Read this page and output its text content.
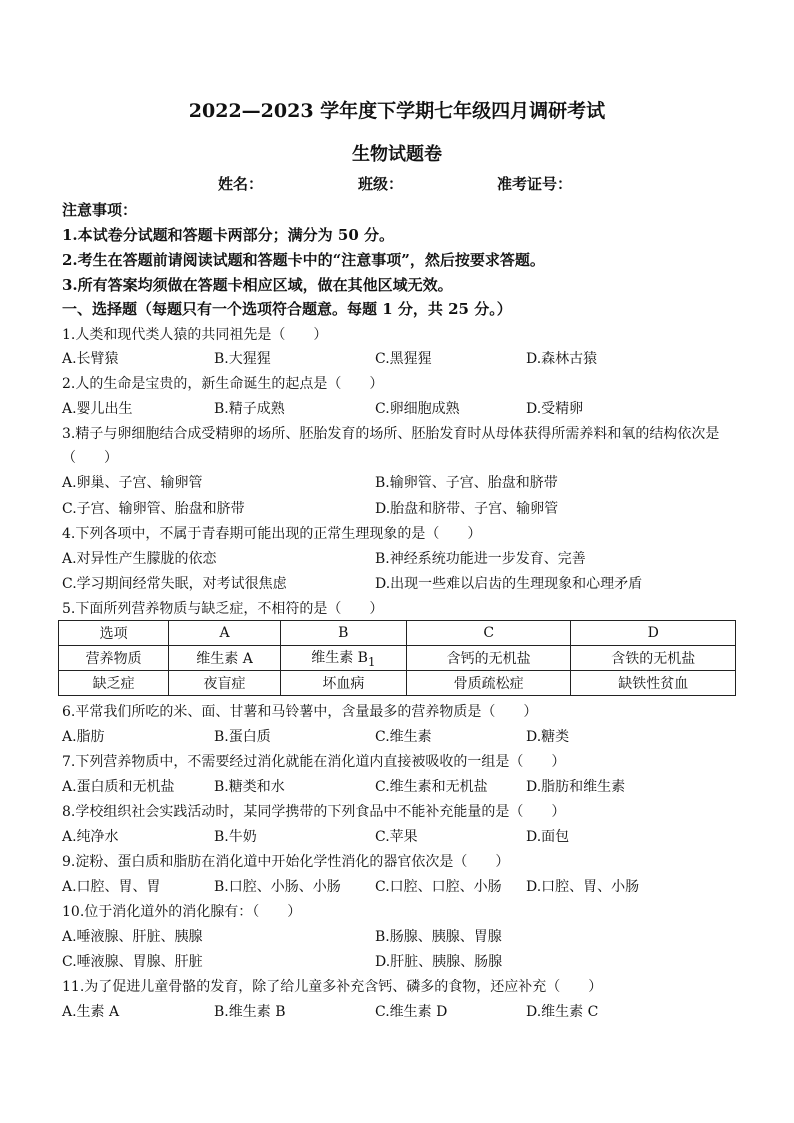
2022—2023 学年度下学期七年级四月调研考试
生物试题卷
姓名：	班级：	准考证号：
注意事项：
1.本试卷分试题和答题卡两部分；满分为 50 分。
2.考生在答题前请阅读试题和答题卡中的“注意事项”，然后按要求答题。
3.所有答案均须做在答题卡相应区域，做在其他区域无效。
一、选择题（每题只有一个选项符合题意。每题 1 分，共 25 分。）
1.人类和现代类人猿的共同祖先是（　　）
A.长臂猿	B.大猩猩	C.黑猩猩	D.森林古猿
2.人的生命是宝贵的，新生命诞生的起点是（　　）
A.婴儿出生	B.精子成熟	C.卵细胞成熟	D.受精卵
3.精子与卵细胞结合成受精卵的场所、胚胎发育的场所、胚胎发育时从母体获得所需养料和氧的结构依次是
（　　）
A.卵巢、子宫、输卵管	B.输卵管、子宫、胎盘和脐带
C.子宫、输卵管、胎盘和脐带	D.胎盘和脐带、子宫、输卵管
4.下列各项中，不属于青春期可能出现的正常生理现象的是（　　）
A.对异性产生朦胧的依恋	B.神经系统功能进一步发育、完善
C.学习期间经常失眠，对考试很焦虑	D.出现一些难以启齿的生理现象和心理矛盾
5.下面所列营养物质与缺乏症，不相符的是（　　）
选项	A	B	C	D
营养物质	维生素 A	维生素 $B_1$	含钙的无机盐	含铁的无机盐
缺乏症	夜盲症	坏血病	骨质疏松症	缺铁性贫血
6.平常我们所吃的米、面、甘薯和马铃薯中，含量最多的营养物质是（　　）
A.脂肪	B.蛋白质	C.维生素	D.糖类
7.下列营养物质中，不需要经过消化就能在消化道内直接被吸收的一组是（　　）
A.蛋白质和无机盐	B.糖类和水	C.维生素和无机盐	D.脂肪和维生素
8.学校组织社会实践活动时，某同学携带的下列食品中不能补充能量的是（　　）
A.纯净水	B.牛奶	C.苹果	D.面包
9.淀粉、蛋白质和脂肪在消化道中开始化学性消化的器官依次是（　　）
A.口腔、胃、胃	B.口腔、小肠、小肠 C.口腔、口腔、小肠 D.口腔、胃、小肠
10.位于消化道外的消化腺有：（　　）
A.唾液腺、肝脏、胰腺	B.肠腺、胰腺、胃腺
C.唾液腺、胃腺、肝脏	D.肝脏、胰腺、肠腺
11.为了促进儿童骨骼的发育，除了给儿童多补充含钙、磷多的食物，还应补充（　　）
A.生素 A	B.维生素 B	C.维生素 D	D.维生素 C
